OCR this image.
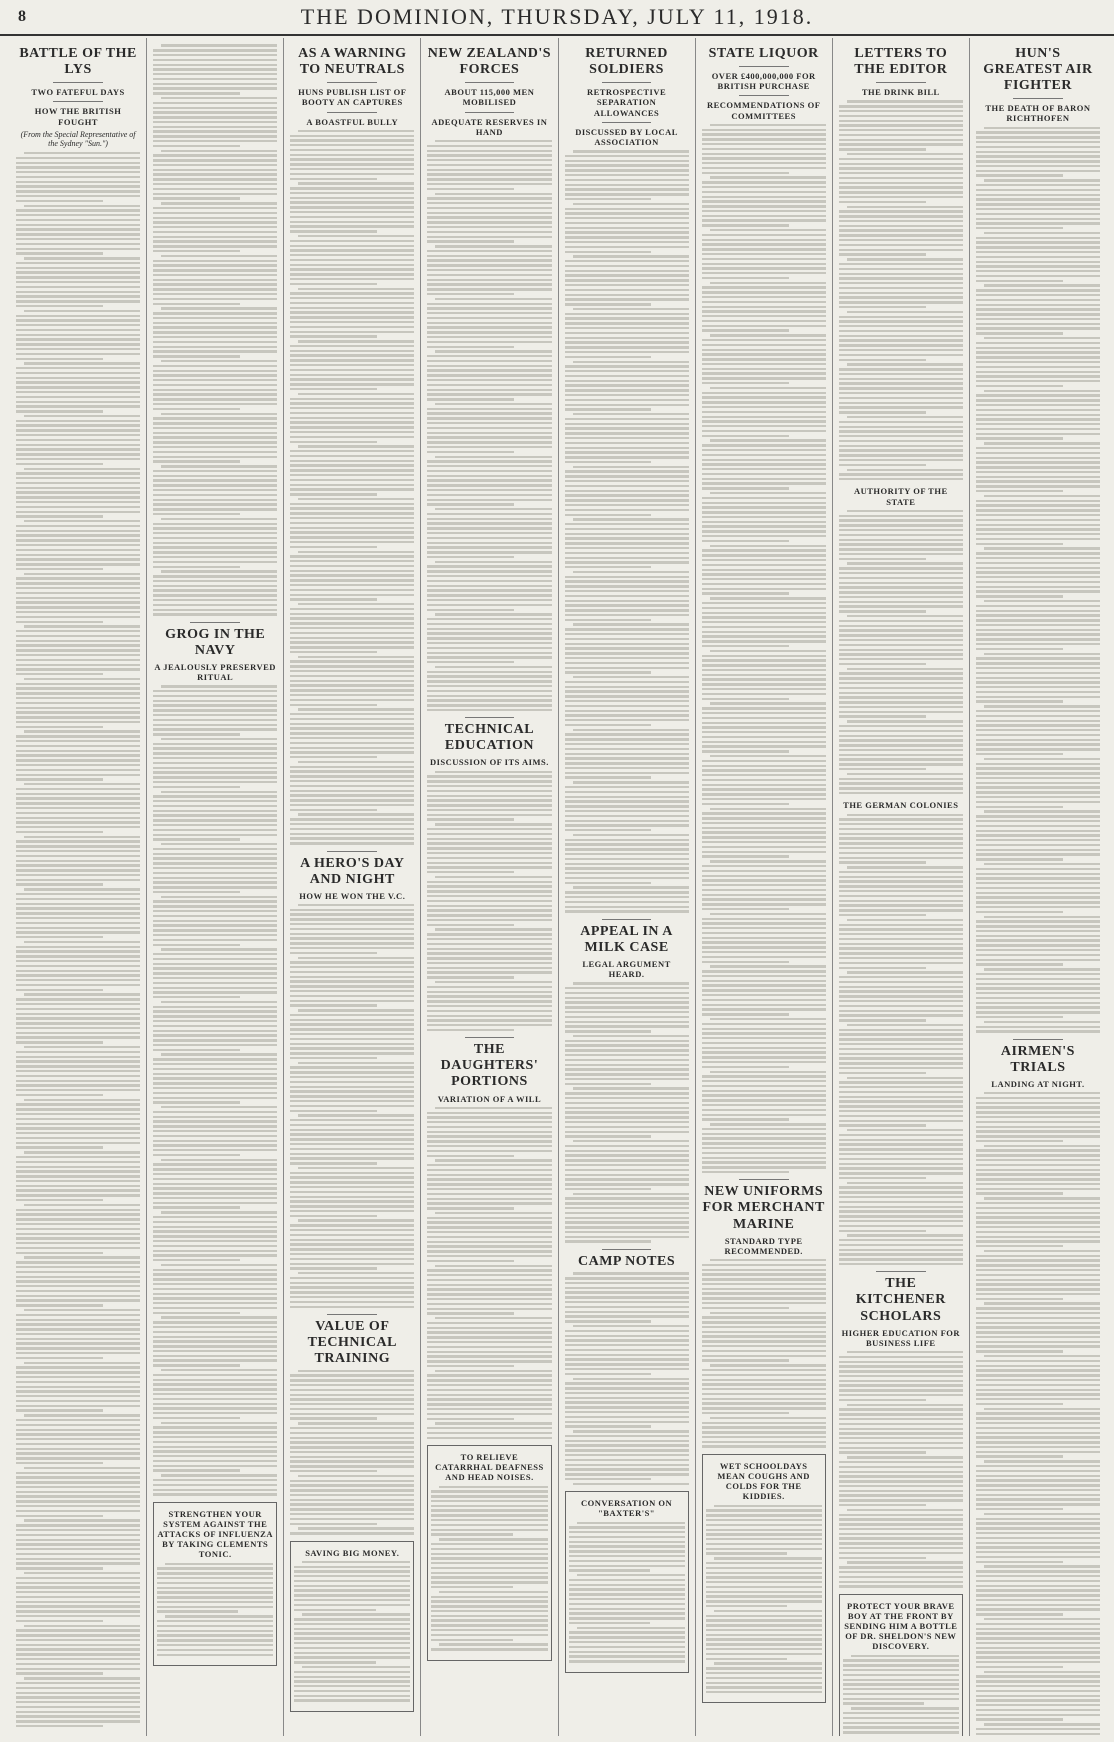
8	THE DOMINION, THURSDAY, JULY 11, 1918.
BATTLE OF THE LYS
TWO FATEFUL DAYS
HOW THE BRITISH FOUGHT
(From the Special Representative of the Sydney "Sun.")
GROG IN THE NAVY
A JEALOUSLY PRESERVED RITUAL
STRENGTHEN YOUR SYSTEM AGAINST THE ATTACKS OF INFLUENZA BY TAKING CLEMENTS TONIC.
AS A WARNING TO NEUTRALS
HUNS PUBLISH LIST OF BOOTY AN CAPTURES
A BOASTFUL BULLY
A HERO'S DAY AND NIGHT
HOW HE WON THE V.C.
VALUE OF TECHNICAL TRAINING
SAVING BIG MONEY.
NEW ZEALAND'S FORCES
ABOUT 115,000 MEN MOBILISED
ADEQUATE RESERVES IN HAND
TECHNICAL EDUCATION
DISCUSSION OF ITS AIMS.
THE DAUGHTERS' PORTIONS
VARIATION OF A WILL
TO RELIEVE CATARRHAL DEAFNESS AND HEAD NOISES.
RETURNED SOLDIERS
RETROSPECTIVE SEPARATION ALLOWANCES
DISCUSSED BY LOCAL ASSOCIATION
APPEAL IN A MILK CASE
LEGAL ARGUMENT HEARD.
CAMP NOTES
CONVERSATION ON "BAXTER'S"
STATE LIQUOR
OVER £400,000,000 FOR BRITISH PURCHASE
RECOMMENDATIONS OF COMMITTEES
NEW UNIFORMS FOR MERCHANT MARINE
STANDARD TYPE RECOMMENDED.
WET SCHOOLDAYS MEAN COUGHS AND COLDS FOR THE KIDDIES.
LETTERS TO THE EDITOR
THE DRINK BILL
AUTHORITY OF THE STATE
THE GERMAN COLONIES
THE KITCHENER SCHOLARS
HIGHER EDUCATION FOR BUSINESS LIFE
PROTECT YOUR BRAVE BOY AT THE FRONT BY SENDING HIM A BOTTLE OF DR. SHELDON'S NEW DISCOVERY.
HUN'S GREATEST AIR FIGHTER
THE DEATH OF BARON RICHTHOFEN
AIRMEN'S TRIALS
LANDING AT NIGHT.
